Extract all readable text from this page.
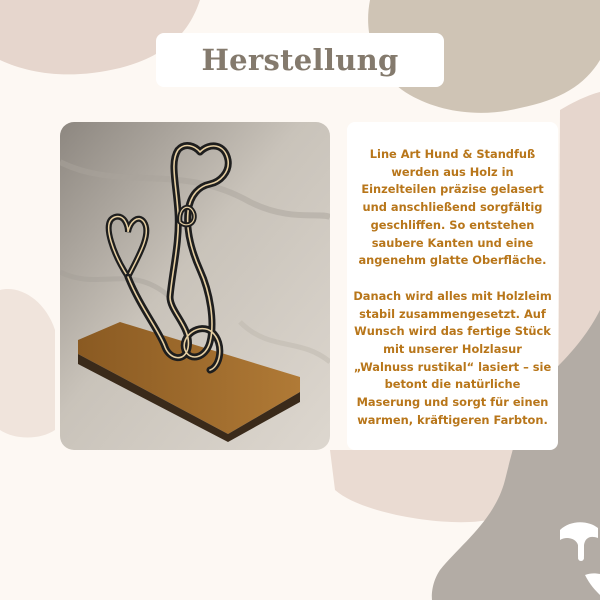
Herstellung

Line Art Hund & Standfuß werden aus Holz in Einzelteilen präzise gelasert und anschließend sorgfältig geschliffen. So entstehen saubere Kanten und eine angenehm glatte Oberfläche.

Danach wird alles mit Holzleim stabil zusammengesetzt. Auf Wunsch wird das fertige Stück mit unserer Holzlasur „Walnuss rustikal“ lasiert – sie betont die natürliche Maserung und sorgt für einen warmen, kräftigeren Farbton.
